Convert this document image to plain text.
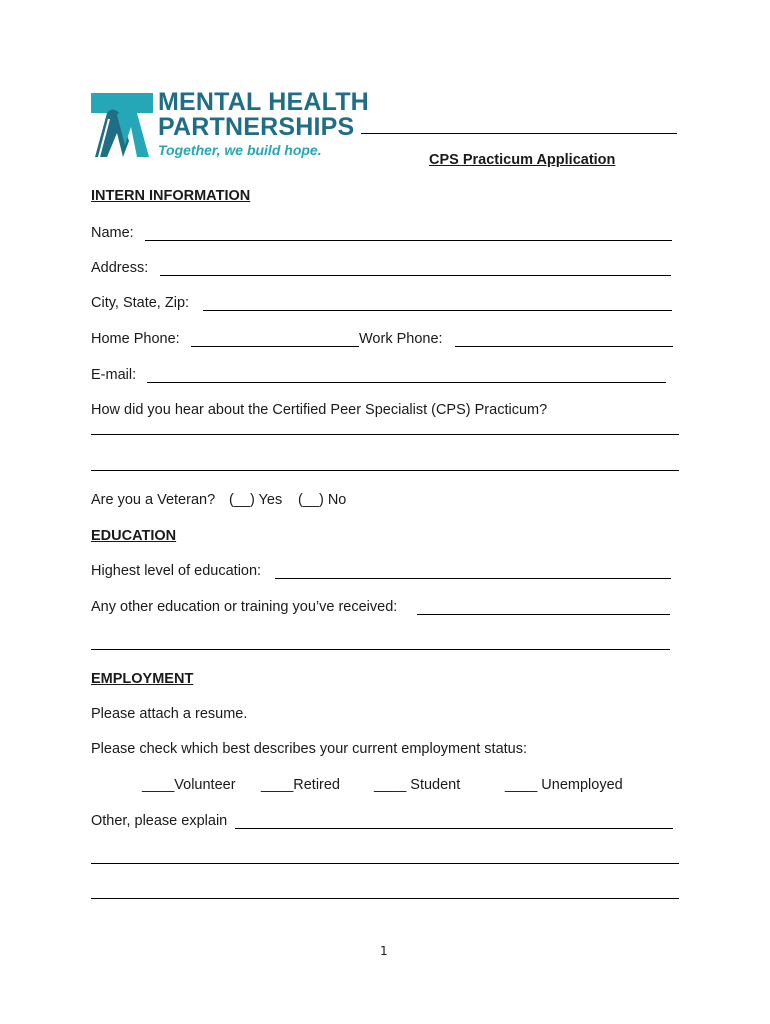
MENTAL HEALTH
PARTNERSHIPS
Together, we build hope.
CPS Practicum Application
INTERN INFORMATION
Name:
Address:
City, State, Zip:
Home Phone:	Work Phone:
E-mail:
How did you hear about the Certified Peer Specialist (CPS) Practicum?
Are you a Veteran? (__) Yes (__) No
EDUCATION
Highest level of education:
Any other education or training you’ve received:
EMPLOYMENT
Please attach a resume.
Please check which best describes your current employment status:
____Volunteer ____Retired ____ Student	____ Unemployed
Other, please explain
1
